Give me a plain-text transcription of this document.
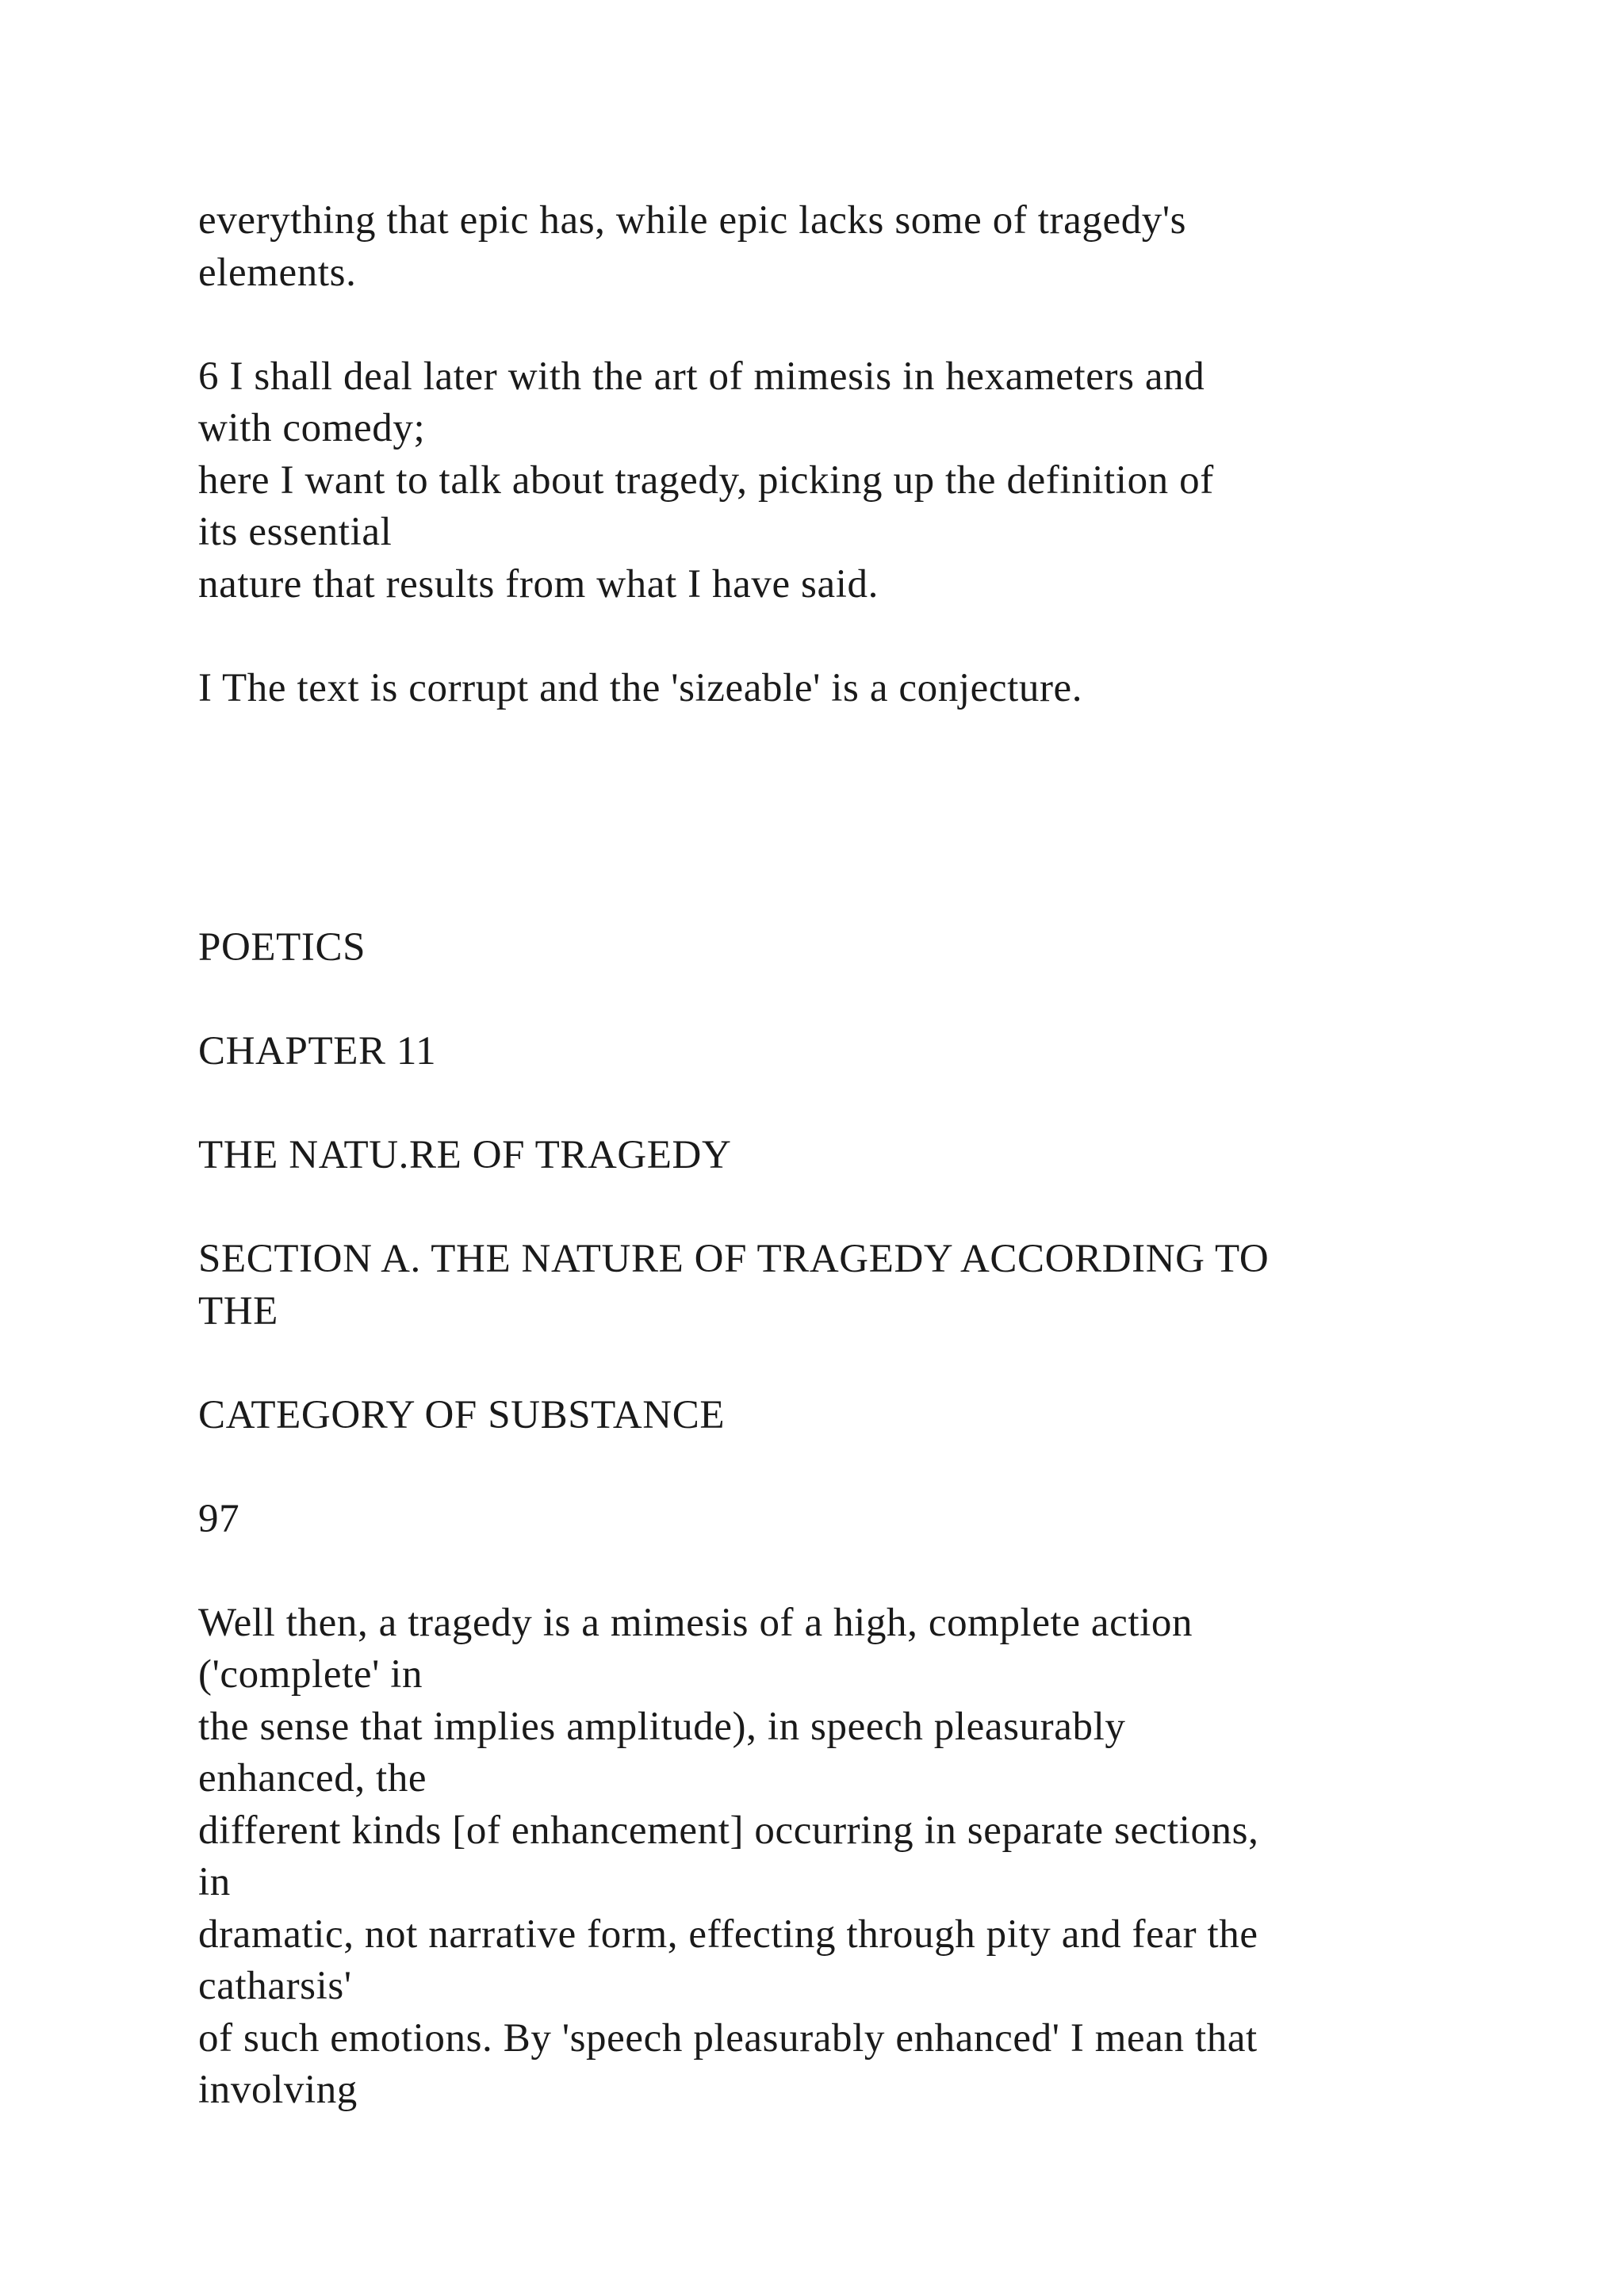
everything that epic has, while epic lacks some of tragedy's
elements.
6 I shall deal later with the art of mimesis in hexameters and
with comedy;
here I want to talk about tragedy, picking up the definition of
its essential
nature that results from what I have said.
I The text is corrupt and the 'sizeable' is a conjecture.
POETICS
CHAPTER 11
THE NATU.RE OF TRAGEDY
SECTION A. THE NATURE OF TRAGEDY ACCORDING TO
THE
CATEGORY OF SUBSTANCE
97
Well then, a tragedy is a mimesis of a high, complete action
('complete' in
the sense that implies amplitude), in speech pleasurably
enhanced, the
different kinds [of enhancement] occurring in separate sections,
in
dramatic, not narrative form, effecting through pity and fear the
catharsis'
of such emotions. By 'speech pleasurably enhanced' I mean that
involving
